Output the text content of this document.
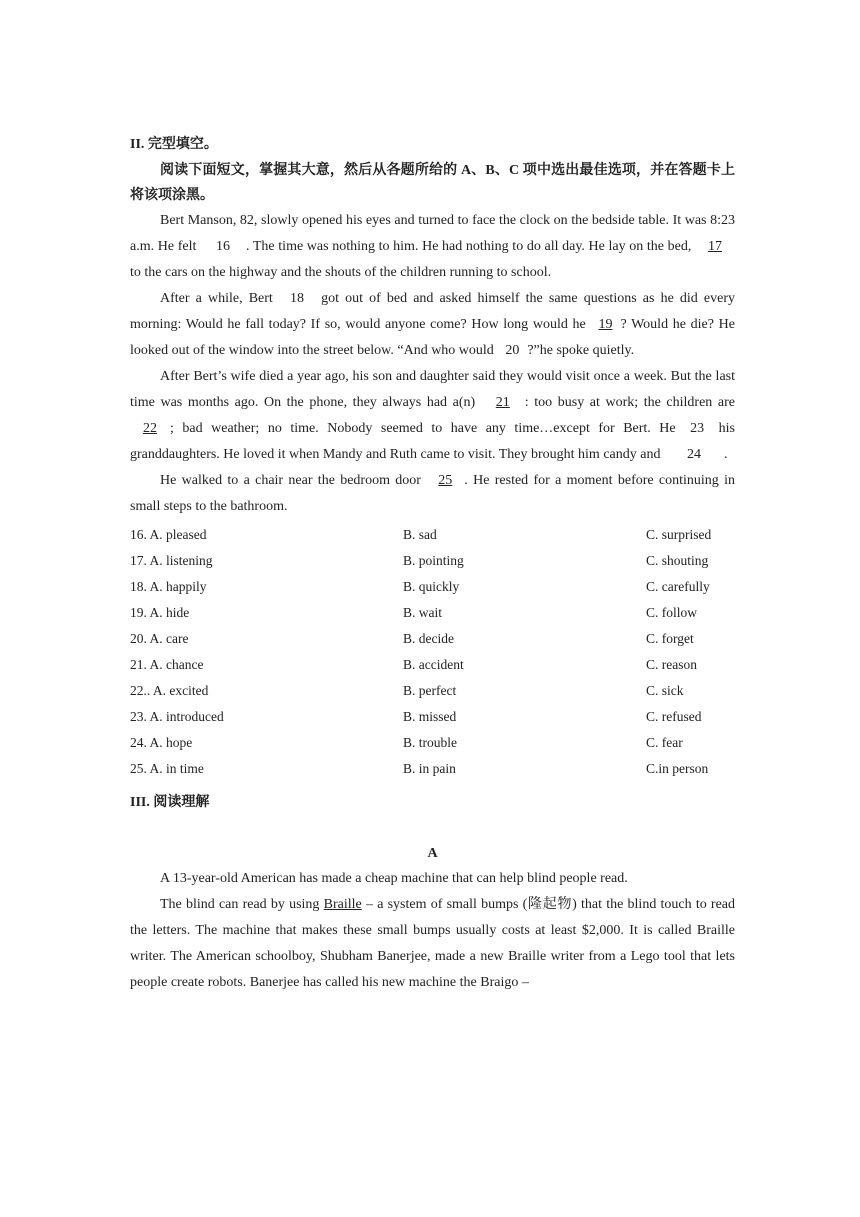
II. 完型填空。
阅读下面短文，掌握其大意，然后从各题所给的 A、B、C 项中选出最佳选项，并在答题卡上将该项涂黑。

Bert Manson, 82, slowly opened his eyes and turned to face the clock on the bedside table. It was 8:23 a.m. He felt 16 . The time was nothing to him. He had nothing to do all day. He lay on the bed, 17to the cars on the highway and the shouts of the children running to school.

After a while, Bert 18 got out of bed and asked himself the same questions as he did every morning: Would he fall today? If so, would anyone come? How long would he 19 ? Would he die? He looked out of the window into the street below. “And who would 20 ?”he spoke quietly.

After Bert’s wife died a year ago, his son and daughter said they would visit once a week. But the last time was months ago. On the phone, they always had a(n) 21 : too busy at work; the children are 22 ; bad weather; no time. Nobody seemed to have any time…except for Bert. He 23 his granddaughters. He loved it when Mandy and Ruth came to visit. They brought him candy and 24 .

He walked to a chair near the bedroom door 25 . He rested for a moment before continuing in small steps to the bathroom.

16. A. pleased	B. sad	C. surprised
17. A. listening	B. pointing	C. shouting
18. A. happily	B. quickly	C. carefully
19. A. hide	B. wait	C. follow
20. A. care	B. decide	C. forget
21. A. chance	B. accident	C. reason
22.. A. excited	B. perfect	C. sick
23. A. introduced	B. missed	C. refused
24. A. hope	B. trouble	C. fear
25. A. in time	B. in pain	C.in person
III. 阅读理解
A

A 13-year-old American has made a cheap machine that can help blind people read.

The blind can read by using Braille – a system of small bumps (隆起物) that the blind touch to read the letters. The machine that makes these small bumps usually costs at least $2,000. It is called Braille writer. The American schoolboy, Shubham Banerjee, made a new Braille writer from a Lego tool that lets people create robots. Banerjee has called his new machine the Braigo –
